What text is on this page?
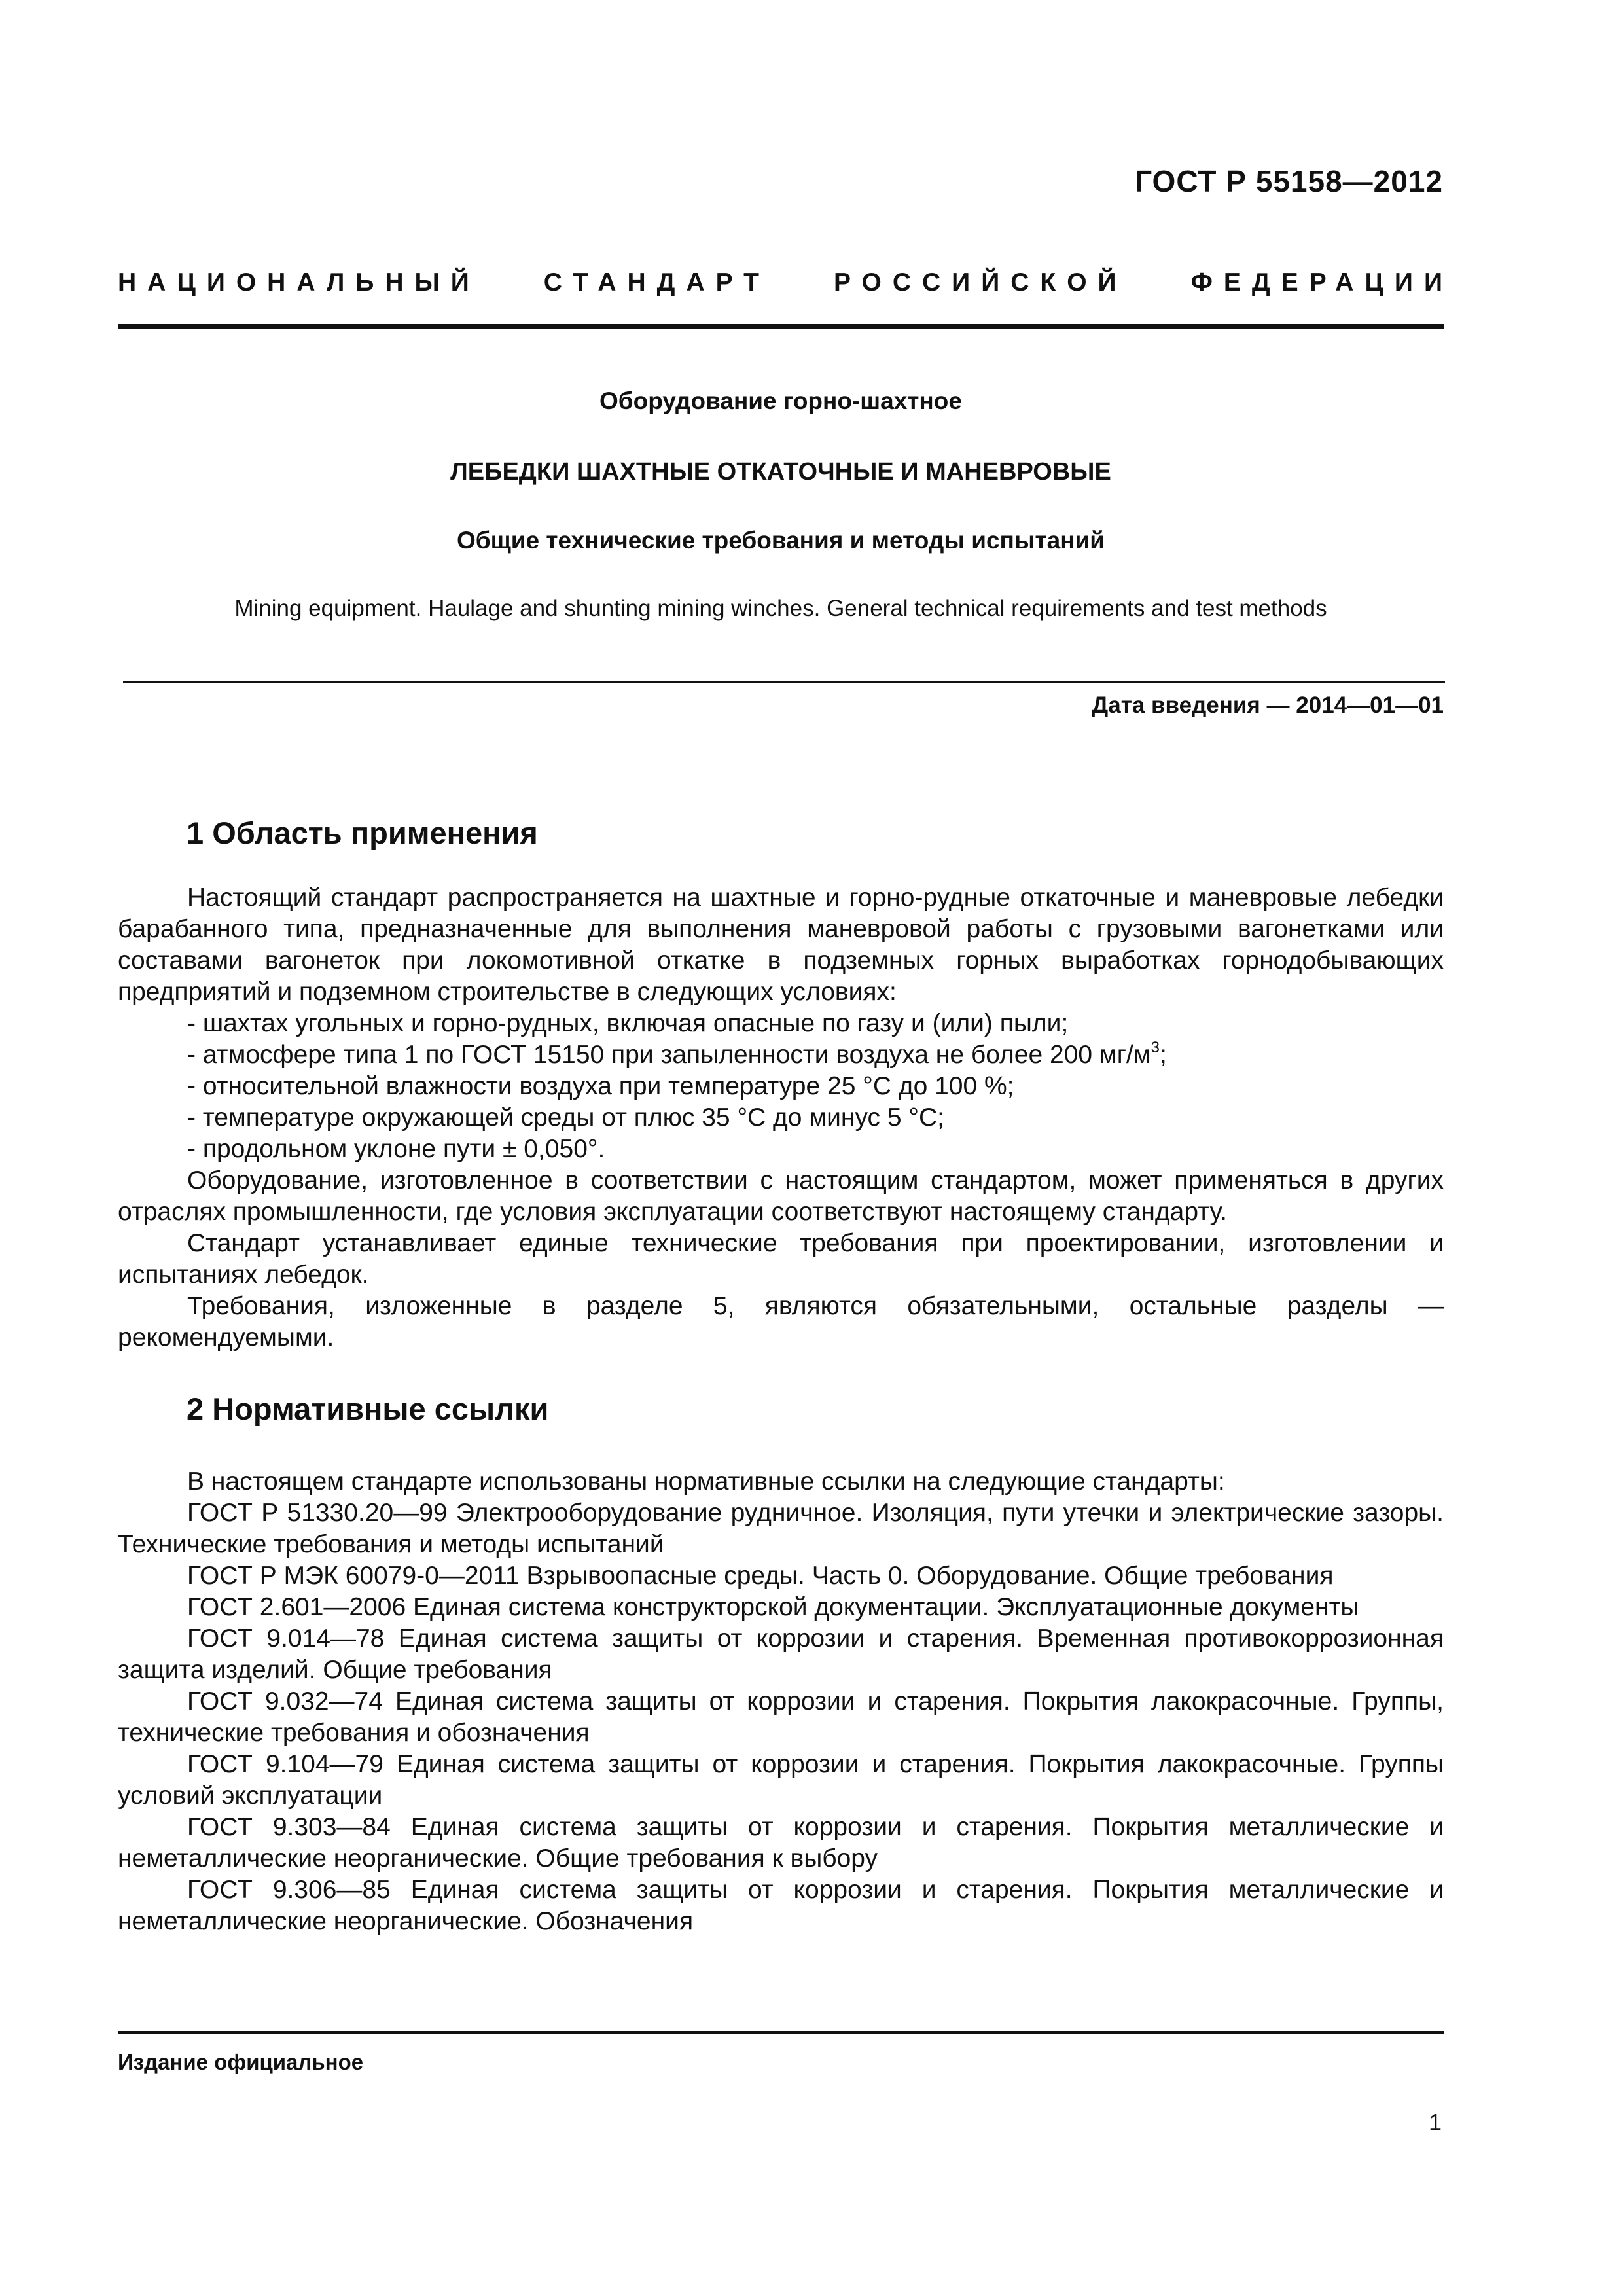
ГОСТ Р 55158—2012
НАЦИОНАЛЬНЫЙ СТАНДАРТ РОССИЙСКОЙ ФЕДЕРАЦИИ
Оборудование горно-шахтное
ЛЕБЕДКИ ШАХТНЫЕ ОТКАТОЧНЫЕ И МАНЕВРОВЫЕ
Общие технические требования и методы испытаний
Mining equipment. Haulage and shunting mining winches. General technical requirements and test methods
Дата введения — 2014—01—01
1 Область применения

Настоящий стандарт распространяется на шахтные и горно-рудные откаточные и маневровые лебедки барабанного типа, предназначенные для выполнения маневровой работы с грузовыми вагонетками или составами вагонеток при локомотивной откатке в подземных горных выработках горнодобывающих предприятий и подземном строительстве в следующих условиях:

- шахтах угольных и горно-рудных, включая опасные по газу и (или) пыли;

- атмосфере типа 1 по ГОСТ 15150 при запыленности воздуха не более 200 $мг/м^3$;

- относительной влажности воздуха при температуре 25 °С до 100 %;

- температуре окружающей среды от плюс 35 °С до минус 5 °С;

- продольном уклоне пути ± 0,050°.

Оборудование, изготовленное в соответствии с настоящим стандартом, может применяться в других отраслях промышленности, где условия эксплуатации соответствуют настоящему стандарту.

Стандарт устанавливает единые технические требования при проектировании, изготовлении и испытаниях лебедок.

Требования, изложенные в разделе 5, являются обязательными, остальные разделы — рекомендуемыми.

2 Нормативные ссылки

В настоящем стандарте использованы нормативные ссылки на следующие стандарты:

ГОСТ Р 51330.20—99 Электрооборудование рудничное. Изоляция, пути утечки и электрические зазоры. Технические требования и методы испытаний

ГОСТ Р МЭК 60079-0—2011 Взрывоопасные среды. Часть 0. Оборудование. Общие требования

ГОСТ 2.601—2006 Единая система конструкторской документации. Эксплуатационные документы

ГОСТ 9.014—78 Единая система защиты от коррозии и старения. Временная противокоррозионная защита изделий. Общие требования

ГОСТ 9.032—74 Единая система защиты от коррозии и старения. Покрытия лакокрасочные. Группы, технические требования и обозначения

ГОСТ 9.104—79 Единая система защиты от коррозии и старения. Покрытия лакокрасочные. Группы условий эксплуатации

ГОСТ 9.303—84 Единая система защиты от коррозии и старения. Покрытия металлические и неметаллические неорганические. Общие требования к выбору

ГОСТ 9.306—85 Единая система защиты от коррозии и старения. Покрытия металлические и неметаллические неорганические. Обозначения

Издание официальное
1
